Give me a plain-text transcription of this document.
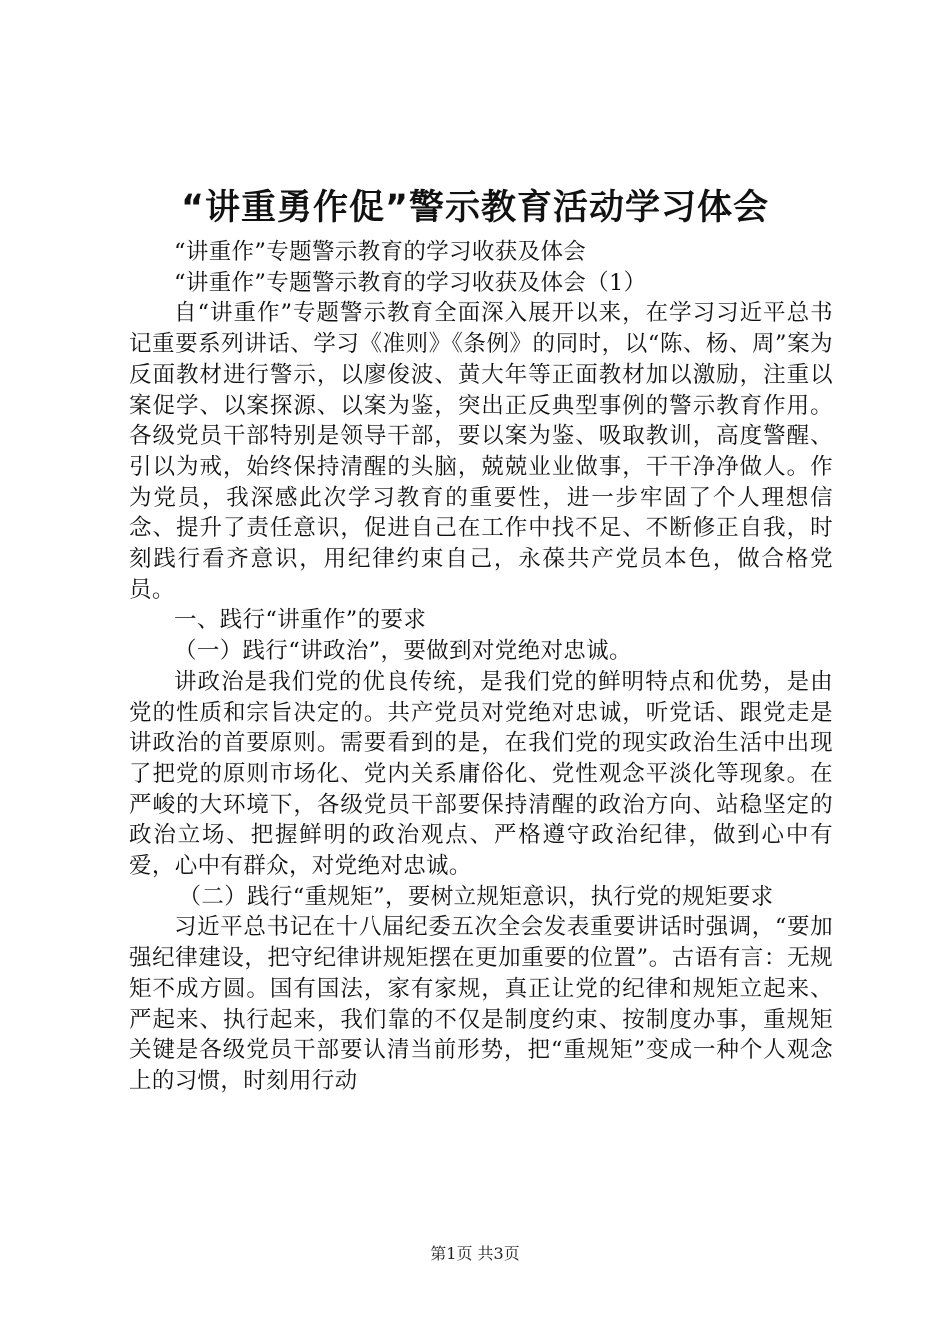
“讲重勇作促”警示教育活动学习体会

“讲重作”专题警示教育的学习收获及体会

“讲重作”专题警示教育的学习收获及体会（1）

自“讲重作”专题警示教育全面深入展开以来，在学习习近平总书记重要系列讲话、学习《准则》《条例》的同时，以“陈、杨、周”案为反面教材进行警示，以廖俊波、黄大年等正面教材加以激励，注重以案促学、以案探源、以案为鉴，突出正反典型事例的警示教育作用。各级党员干部特别是领导干部，要以案为鉴、吸取教训，高度警醒、引以为戒，始终保持清醒的头脑，兢兢业业做事，干干净净做人。作为党员，我深感此次学习教育的重要性，进一步牢固了个人理想信念、提升了责任意识，促进自己在工作中找不足、不断修正自我，时刻践行看齐意识，用纪律约束自己，永葆共产党员本色，做合格党员。

一、践行“讲重作”的要求

（一）践行“讲政治”，要做到对党绝对忠诚。

讲政治是我们党的优良传统，是我们党的鲜明特点和优势，是由党的性质和宗旨决定的。共产党员对党绝对忠诚，听党话、跟党走是讲政治的首要原则。需要看到的是，在我们党的现实政治生活中出现了把党的原则市场化、党内关系庸俗化、党性观念平淡化等现象。在严峻的大环境下，各级党员干部要保持清醒的政治方向、站稳坚定的政治立场、把握鲜明的政治观点、严格遵守政治纪律，做到心中有爱，心中有群众，对党绝对忠诚。

（二）践行“重规矩”，要树立规矩意识，执行党的规矩要求

习近平总书记在十八届纪委五次全会发表重要讲话时强调，“要加强纪律建设，把守纪律讲规矩摆在更加重要的位置”。古语有言：无规矩不成方圆。国有国法，家有家规，真正让党的纪律和规矩立起来、严起来、执行起来，我们靠的不仅是制度约束、按制度办事，重规矩关键是各级党员干部要认清当前形势，把“重规矩”变成一种个人观念上的习惯，时刻用行动

第1页 共3页
